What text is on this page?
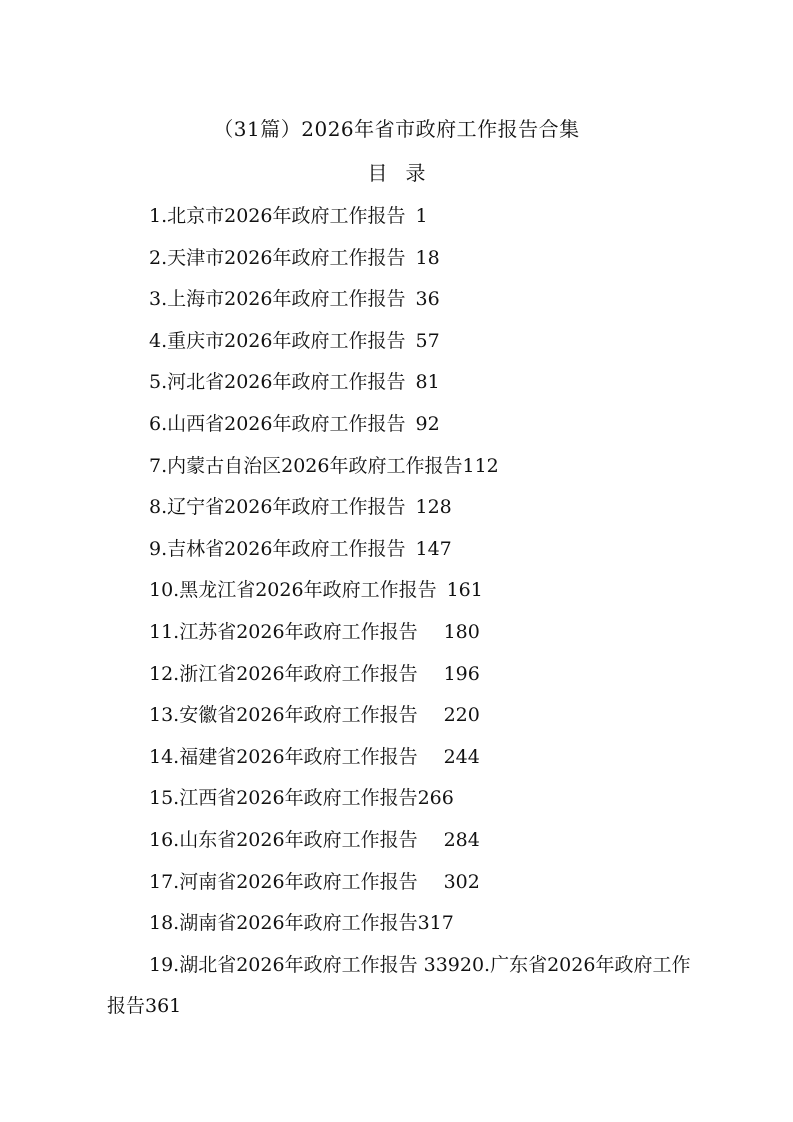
（31篇）2026年省市政府工作报告合集
目录
1.北京市2026年政府工作报告 1
2.天津市2026年政府工作报告 18
3.上海市2026年政府工作报告 36
4.重庆市2026年政府工作报告 57
5.河北省2026年政府工作报告 81
6.山西省2026年政府工作报告 92
7.内蒙古自治区2026年政府工作报告112
8.辽宁省2026年政府工作报告 128
9.吉林省2026年政府工作报告 147
10.黑龙江省2026年政府工作报告 161
11.江苏省2026年政府工作报告 180
12.浙江省2026年政府工作报告 196
13.安徽省2026年政府工作报告 220
14.福建省2026年政府工作报告 244
15.江西省2026年政府工作报告266
16.山东省2026年政府工作报告 284
17.河南省2026年政府工作报告 302
18.湖南省2026年政府工作报告317
19.湖北省2026年政府工作报告 33920.广东省2026年政府工作报告361
